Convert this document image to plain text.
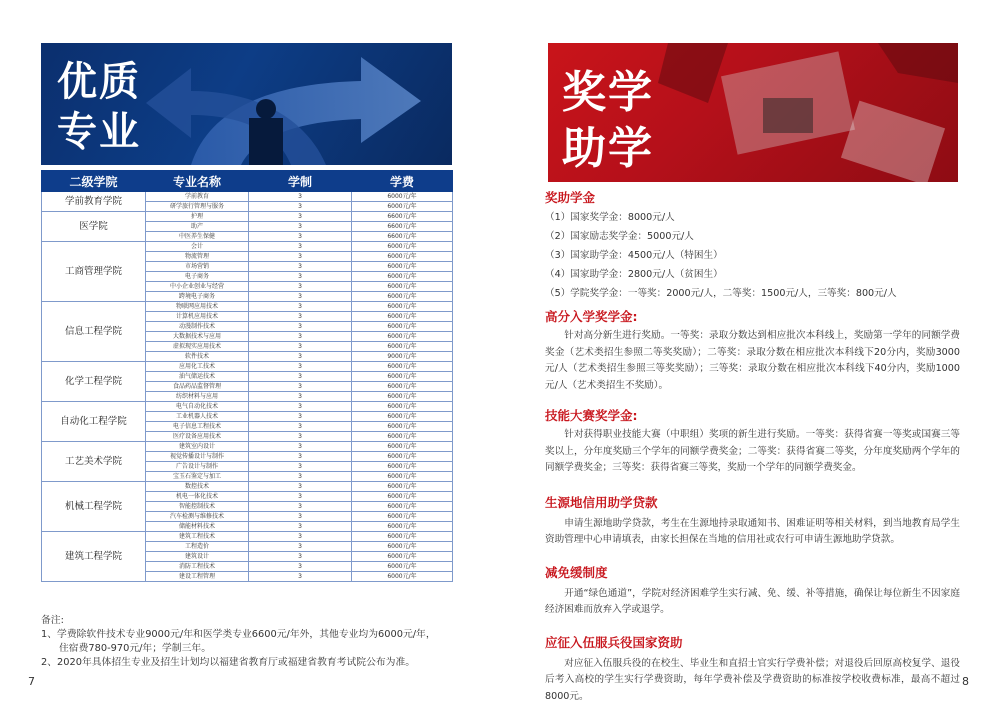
优质
专业
二级学院	专业名称	学制	学费
学前教育学院	学前教育	3	6000元/年
	研学旅行管理与服务	3	6000元/年
医学院	护理	3	6600元/年
	助产	3	6600元/年
	中医养生保健	3	6600元/年
工商管理学院	会计	3	6000元/年
	物流管理	3	6000元/年
	市场营销	3	6000元/年
	电子商务	3	6000元/年
	中小企业创业与经营	3	6000元/年
	跨境电子商务	3	6000元/年
信息工程学院	物联网应用技术	3	6000元/年
	计算机应用技术	3	6000元/年
	动漫制作技术	3	6000元/年
	大数据技术与应用	3	6000元/年
	虚拟现实应用技术	3	6000元/年
	软件技术	3	9000元/年
化学工程学院	应用化工技术	3	6000元/年
	油气储运技术	3	6000元/年
	食品药品监督管理	3	6000元/年
	纺织材料与应用	3	6000元/年
自动化工程学院	电气自动化技术	3	6000元/年
	工业机器人技术	3	6000元/年
	电子信息工程技术	3	6000元/年
	医疗设备应用技术	3	6000元/年
工艺美术学院	建筑室内设计	3	6000元/年
	视觉传播设计与制作	3	6000元/年
	广告设计与制作	3	6000元/年
	宝玉石鉴定与加工	3	6000元/年
机械工程学院	数控技术	3	6000元/年
	机电一体化技术	3	6000元/年
	智能控制技术	3	6000元/年
	汽车检测与维修技术	3	6000元/年
	储能材料技术	3	6000元/年
建筑工程学院	建筑工程技术	3	6000元/年
	工程造价	3	6000元/年
	建筑设计	3	6000元/年
	消防工程技术	3	6000元/年
	建设工程管理	3	6000元/年
备注:
1、学费除软件技术专业9000元/年和医学类专业6600元/年外，其他专业均为6000元/年，
住宿费780-970元/年；学制三年。
2、2020年具体招生专业及招生计划均以福建省教育厅或福建省教育考试院公布为准。
7
奖学
助学
奖助学金

（1）国家奖学金：8000元/人

（2）国家励志奖学金：5000元/人

（3）国家助学金：4500元/人（特困生）

（4）国家助学金：2800元/人（贫困生）

（5）学院奖学金：一等奖：2000元/人，二等奖：1500元/人，三等奖：800元/人

高分入学奖学金:

针对高分新生进行奖励。一等奖：录取分数达到相应批次本科线上，奖励第一学年的同额学费奖金（艺术类招生参照二等奖奖励）；二等奖：录取分数在相应批次本科线下20分内，奖励3000元/人（艺术类招生参照三等奖奖励）；三等奖：录取分数在相应批次本科线下40分内，奖励1000元/人（艺术类招生不奖励）。

技能大赛奖学金:

针对获得职业技能大赛（中职组）奖项的新生进行奖励。一等奖：获得省赛一等奖或国赛三等奖以上，分年度奖励三个学年的同额学费奖金；二等奖：获得省赛二等奖，分年度奖励两个学年的同额学费奖金；三等奖：获得省赛三等奖，奖励一个学年的同额学费奖金。

生源地信用助学贷款

申请生源地助学贷款，考生在生源地持录取通知书、困难证明等相关材料，到当地教育局学生资助管理中心申请填表，由家长担保在当地的信用社或农行可申请生源地助学贷款。

减免缓制度

开通“绿色通道”，学院对经济困难学生实行减、免、缓、补等措施，确保让每位新生不因家庭经济困难而放弃入学或退学。

应征入伍服兵役国家资助

对应征入伍服兵役的在校生、毕业生和直招士官实行学费补偿；对退役后回原高校复学、退役后考入高校的学生实行学费资助，每年学费补偿及学费资助的标准按学校收费标准，最高不超过8000元。

8
